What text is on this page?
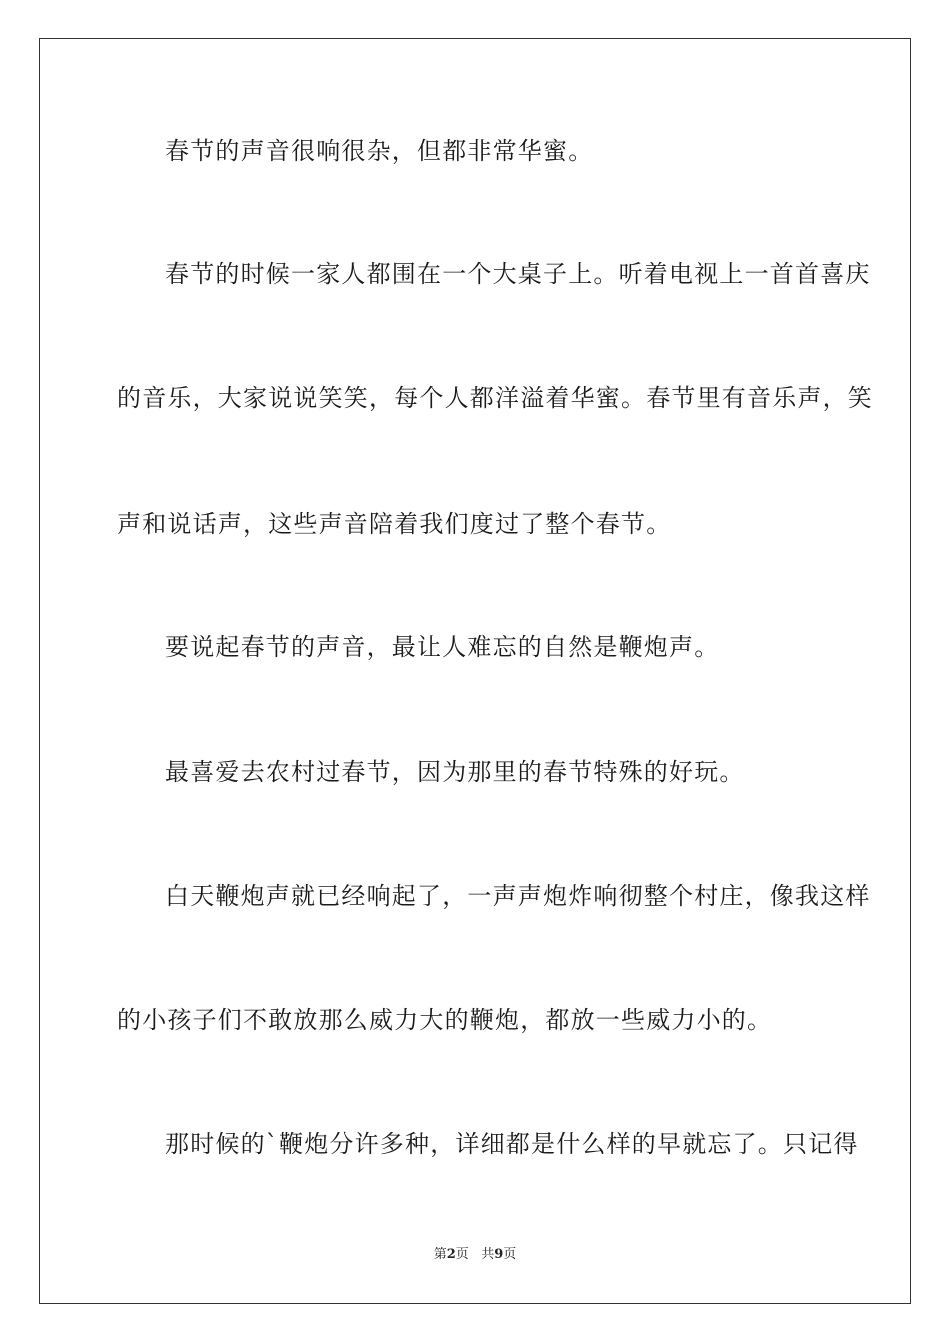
春节的声音很响很杂，但都非常华蜜。
春节的时候一家人都围在一个大桌子上。听着电视上一首首喜庆
的音乐，大家说说笑笑，每个人都洋溢着华蜜。春节里有音乐声，笑
声和说话声，这些声音陪着我们度过了整个春节。
要说起春节的声音，最让人难忘的自然是鞭炮声。
最喜爱去农村过春节，因为那里的春节特殊的好玩。
白天鞭炮声就已经响起了，一声声炮炸响彻整个村庄，像我这样
的小孩子们不敢放那么威力大的鞭炮，都放一些威力小的。
那时候的`鞭炮分许多种，详细都是什么样的早就忘了。只记得
第2页 共9页
